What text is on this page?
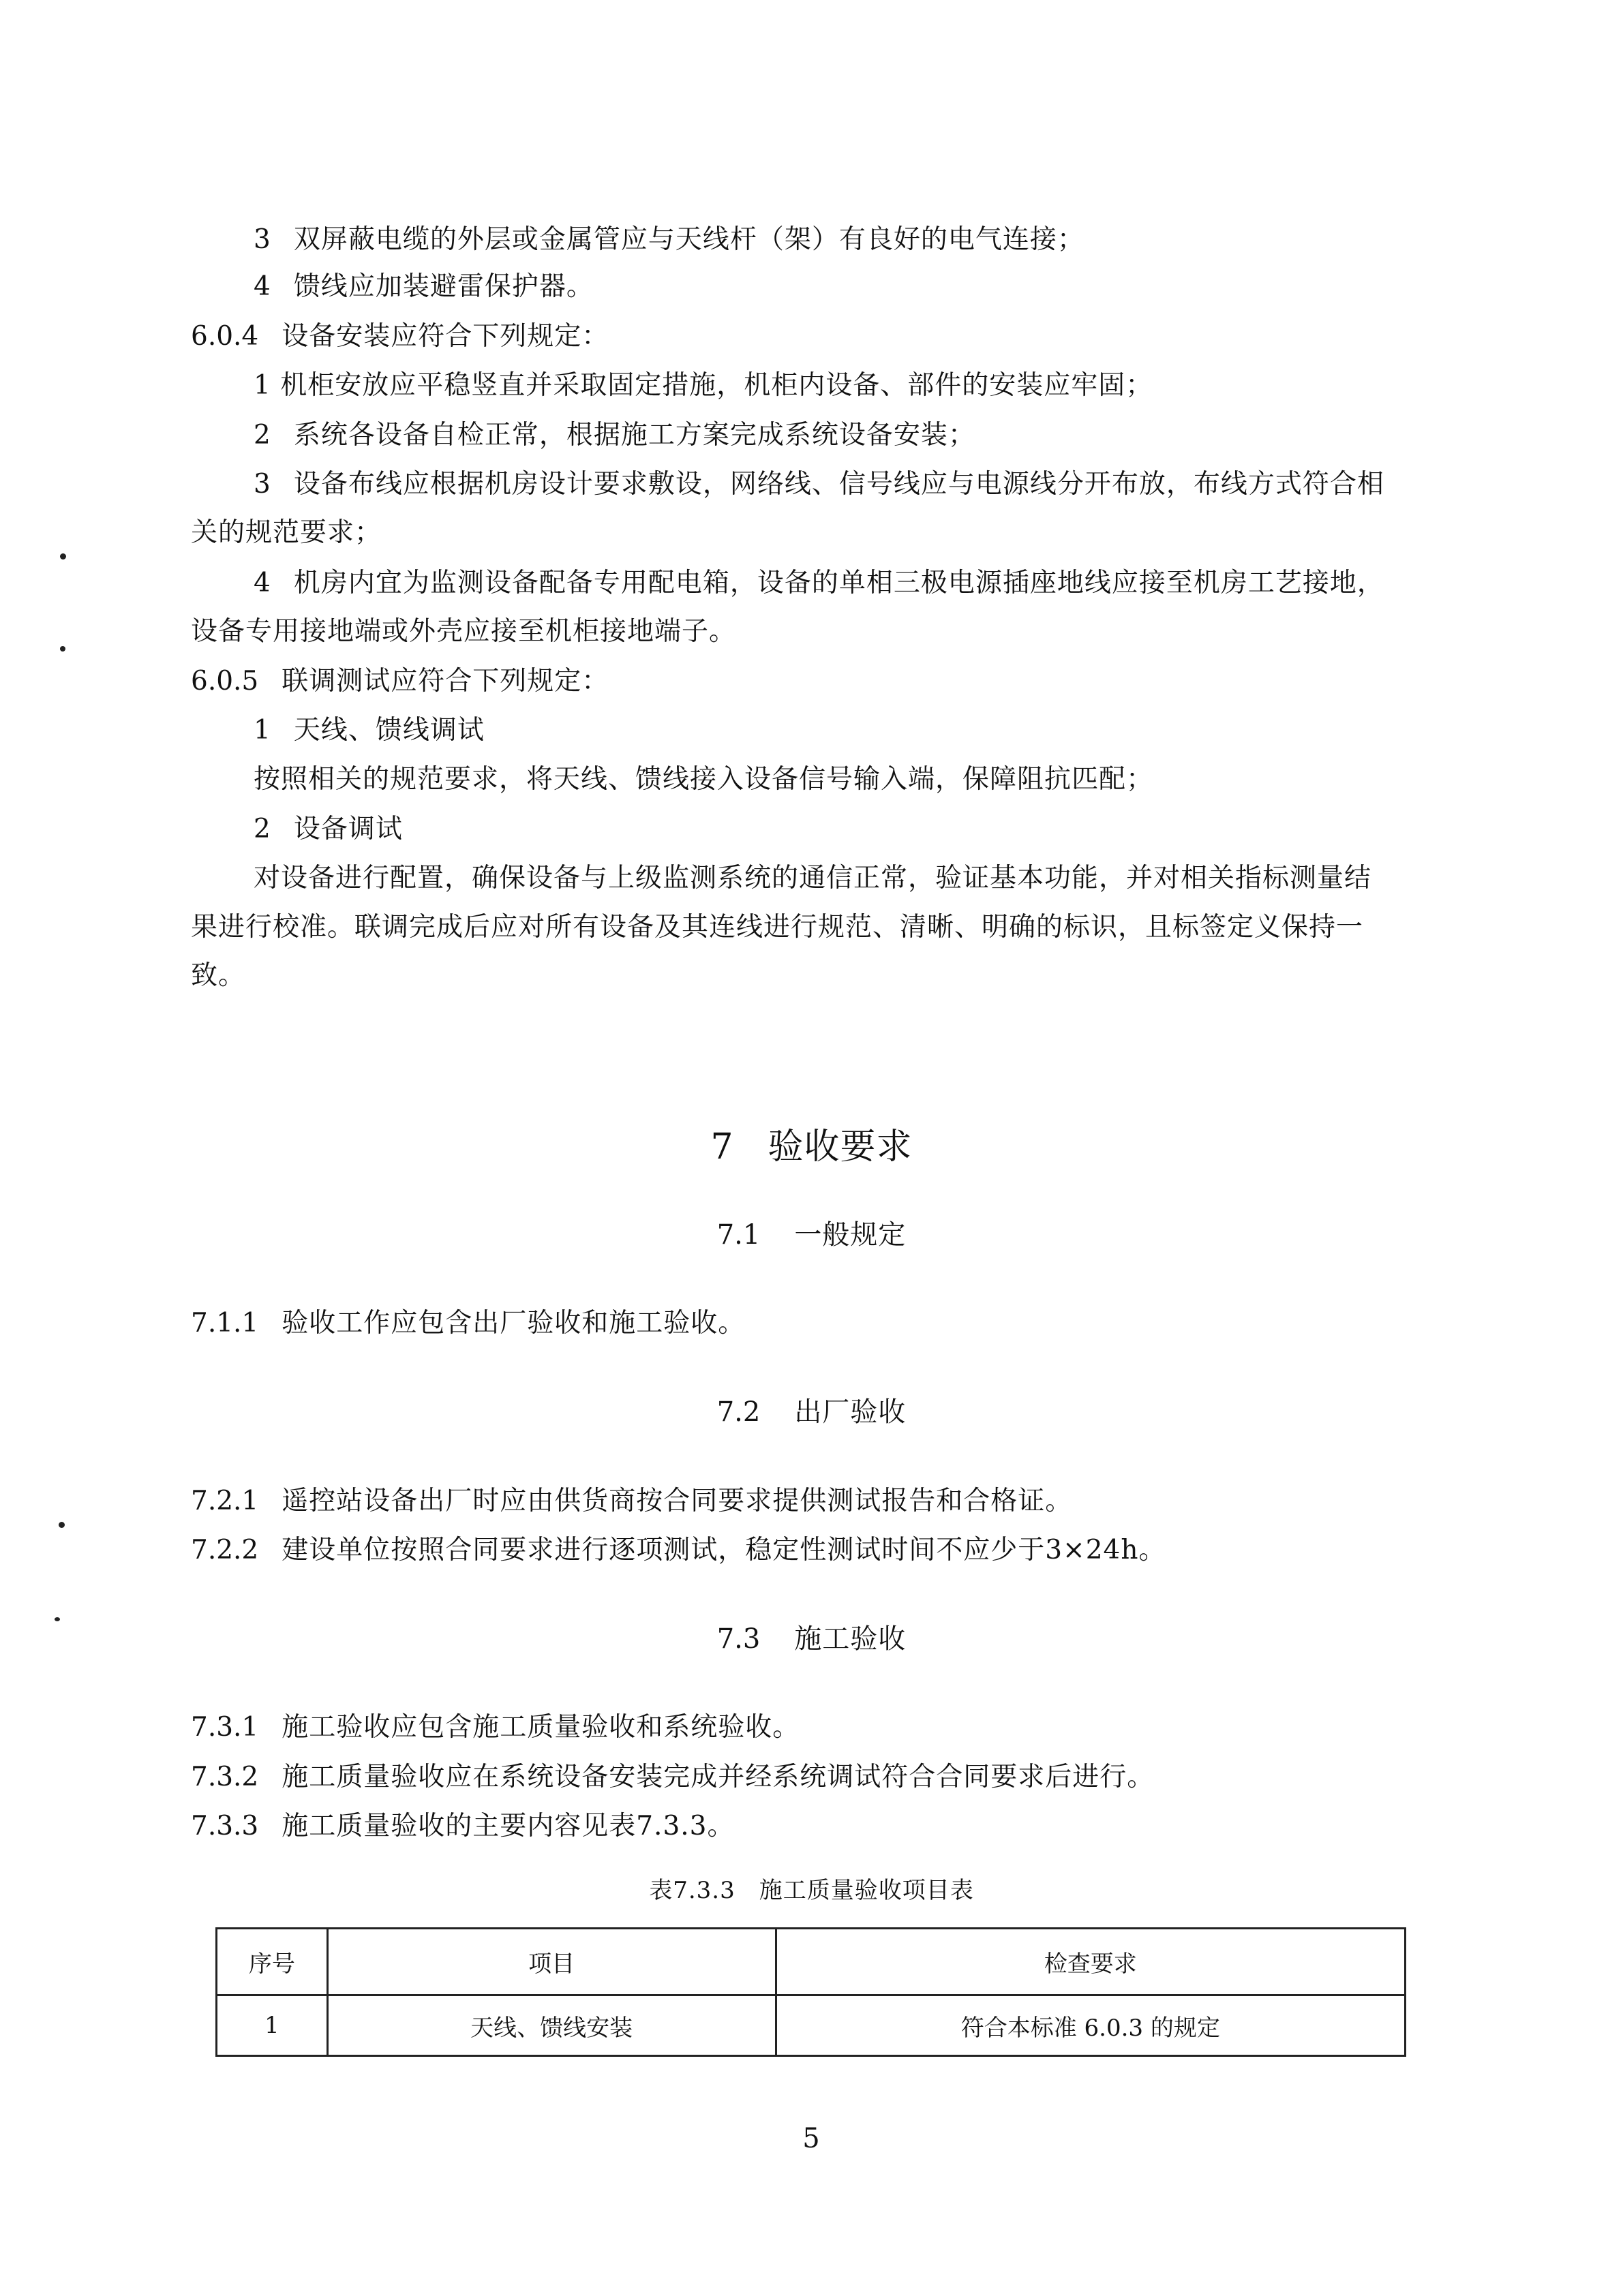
3 双屏蔽电缆的外层或金属管应与天线杆（架）有良好的电气连接；
4 馈线应加装避雷保护器。
6.0.4 设备安装应符合下列规定：
1 机柜安放应平稳竖直并采取固定措施，机柜内设备、部件的安装应牢固；
2 系统各设备自检正常，根据施工方案完成系统设备安装；
3 设备布线应根据机房设计要求敷设，网络线、信号线应与电源线分开布放，布线方式符合相
关的规范要求；
4 机房内宜为监测设备配备专用配电箱，设备的单相三极电源插座地线应接至机房工艺接地，
设备专用接地端或外壳应接至机柜接地端子。
6.0.5 联调测试应符合下列规定：
1 天线、馈线调试
按照相关的规范要求，将天线、馈线接入设备信号输入端，保障阻抗匹配；
2 设备调试
对设备进行配置，确保设备与上级监测系统的通信正常，验证基本功能，并对相关指标测量结
果进行校准。联调完成后应对所有设备及其连线进行规范、清晰、明确的标识，且标签定义保持一
致。
7 验收要求
7.1 一般规定
7.1.1 验收工作应包含出厂验收和施工验收。
7.2 出厂验收
7.2.1 遥控站设备出厂时应由供货商按合同要求提供测试报告和合格证。
7.2.2 建设单位按照合同要求进行逐项测试，稳定性测试时间不应少于3×24h。
7.3 施工验收
7.3.1 施工验收应包含施工质量验收和系统验收。
7.3.2 施工质量验收应在系统设备安装完成并经系统调试符合合同要求后进行。
7.3.3 施工质量验收的主要内容见表7.3.3。
表7.3.3　施工质量验收项目表
序号	项目	检查要求
1	天线、馈线安装	符合本标准 6.0.3 的规定
5
